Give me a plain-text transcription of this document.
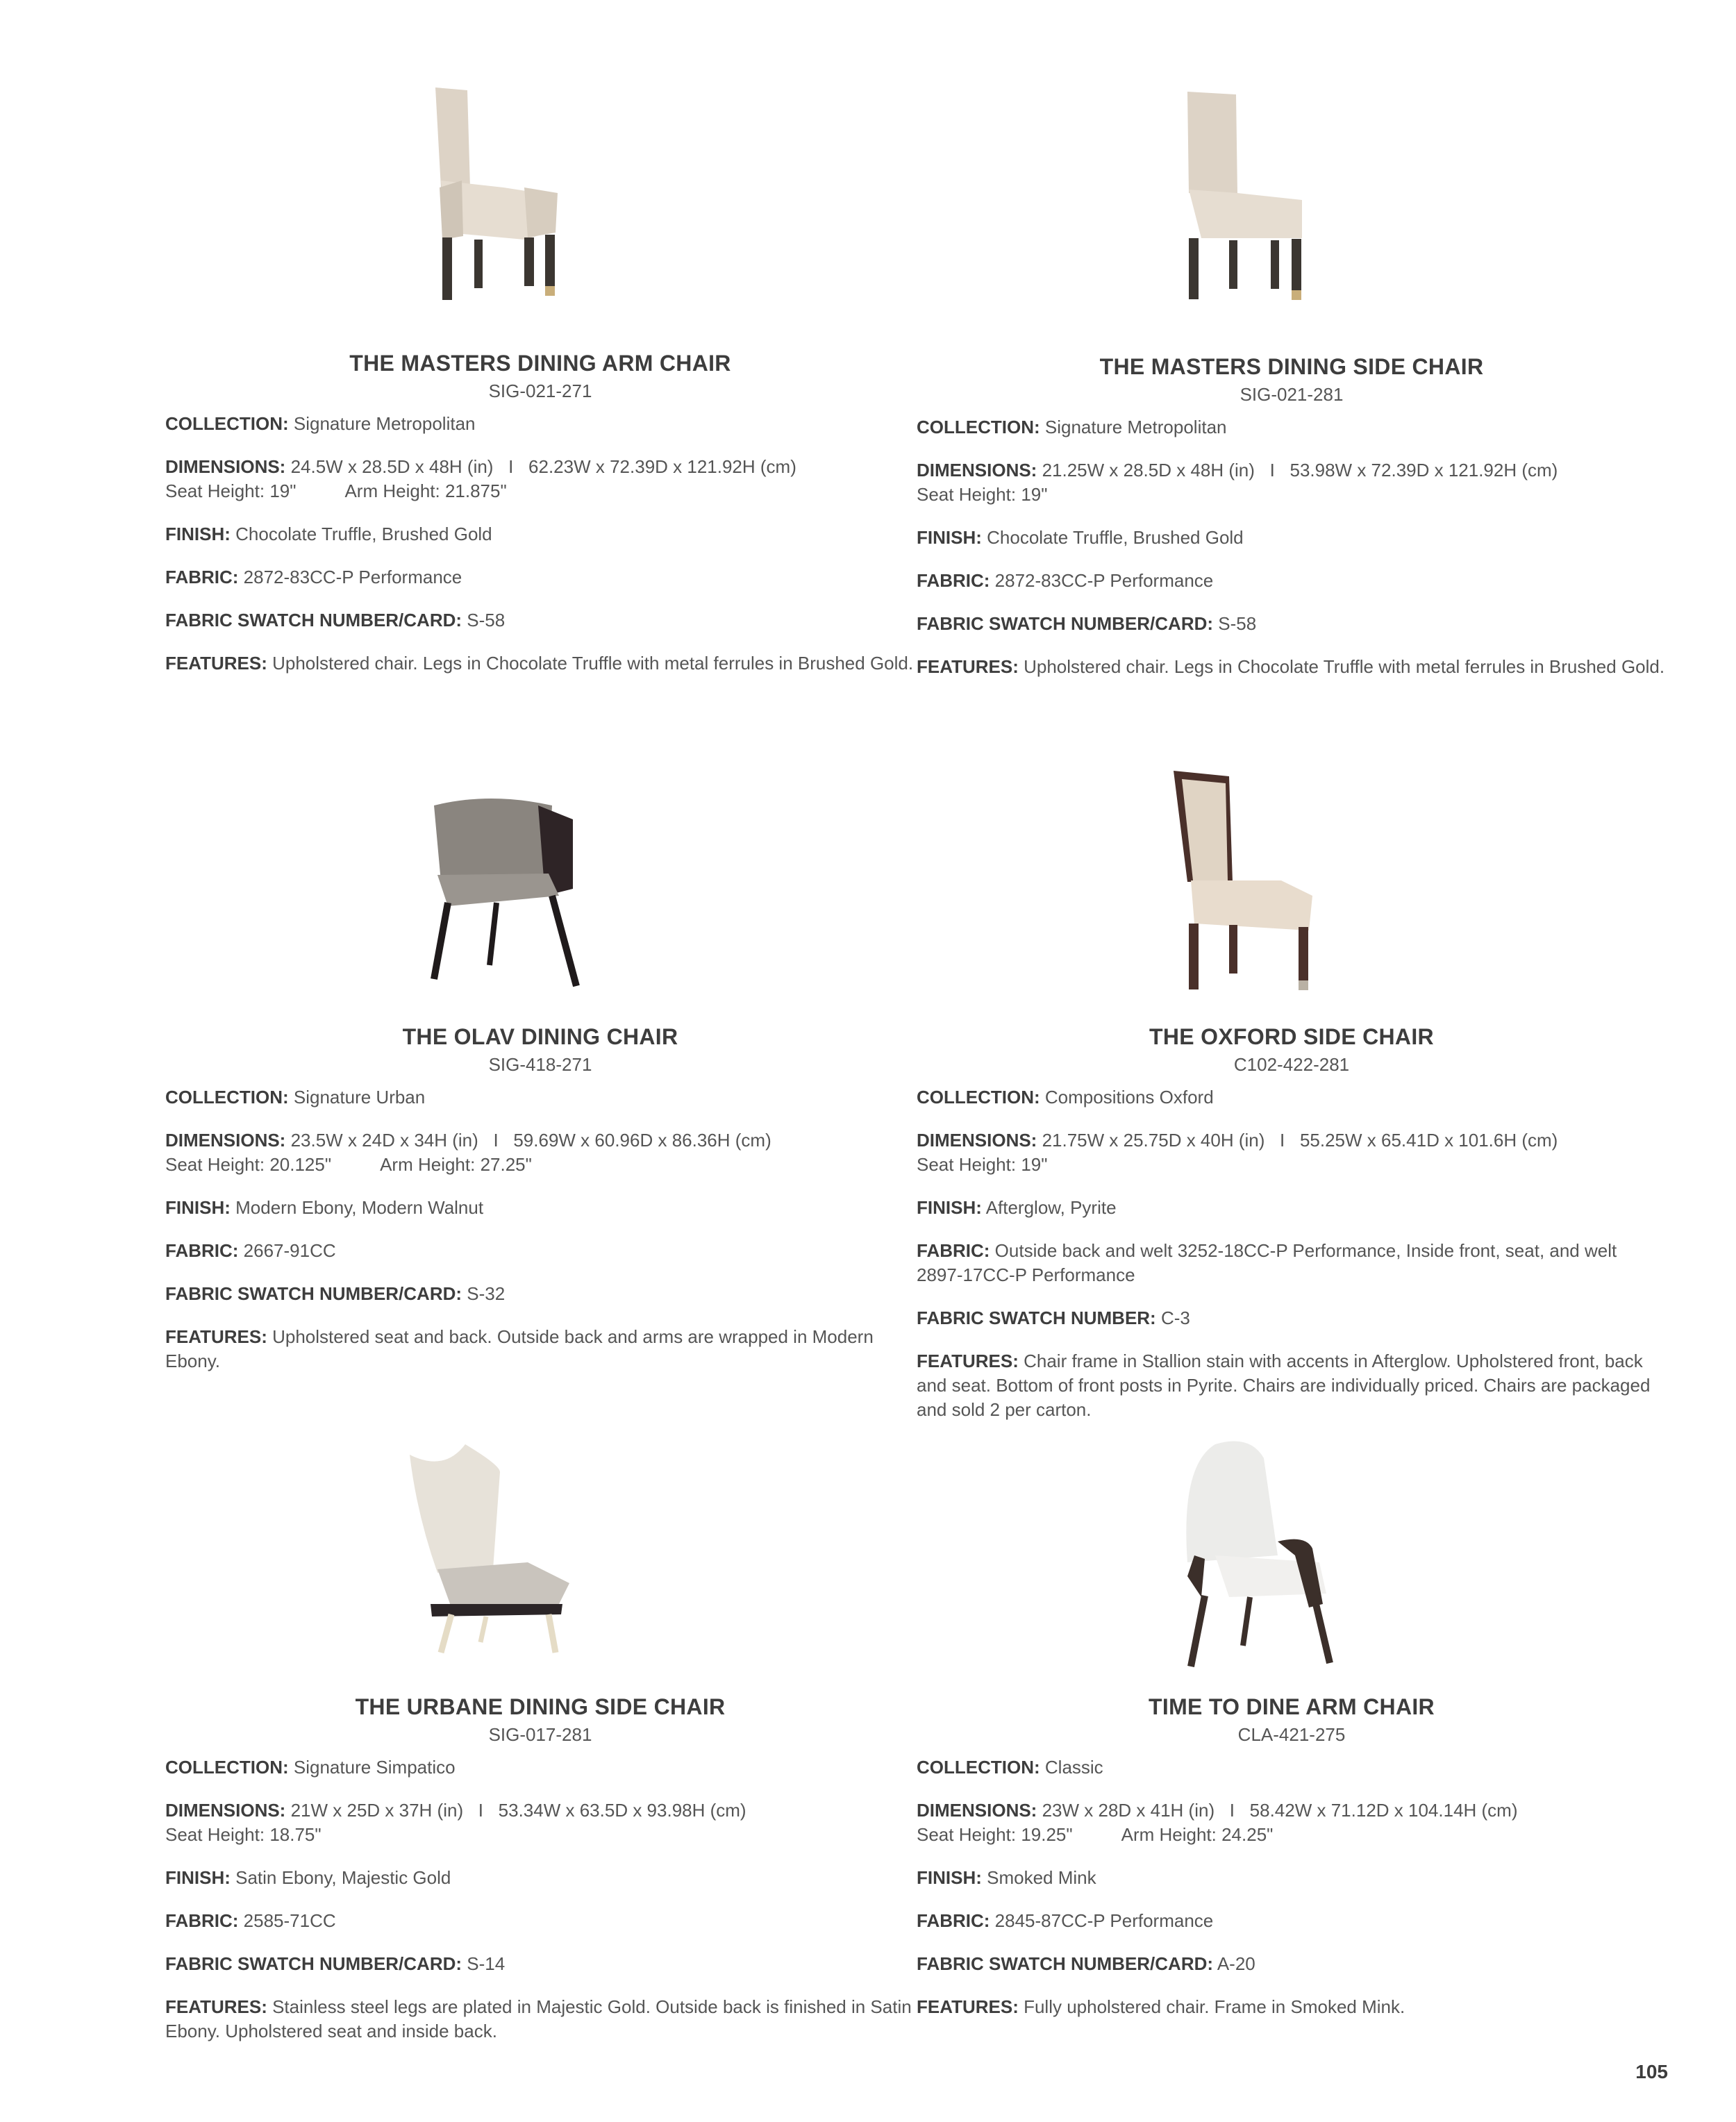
THE MASTERS DINING ARM CHAIR
SIG-021-271

COLLECTION: Signature Metropolitan

DIMENSIONS: 24.5W x 28.5D x 48H (in)   I   62.23W x 72.39D x 121.92H (cm)
Seat Height: 19"	Arm Height: 21.875"

FINISH: Chocolate Truffle, Brushed Gold

FABRIC: 2872-83CC-P Performance

FABRIC SWATCH NUMBER/CARD: S-58

FEATURES: Upholstered chair. Legs in Chocolate Truffle with metal ferrules in Brushed Gold.

THE MASTERS DINING SIDE CHAIR
SIG-021-281

COLLECTION: Signature Metropolitan

DIMENSIONS: 21.25W x 28.5D x 48H (in)   I   53.98W x 72.39D x 121.92H (cm)
Seat Height: 19"

FINISH: Chocolate Truffle, Brushed Gold

FABRIC: 2872-83CC-P Performance

FABRIC SWATCH NUMBER/CARD: S-58

FEATURES: Upholstered chair. Legs in Chocolate Truffle with metal ferrules in Brushed Gold.

THE OLAV DINING CHAIR
SIG-418-271

COLLECTION: Signature Urban

DIMENSIONS: 23.5W x 24D x 34H (in)   I   59.69W x 60.96D x 86.36H (cm)
Seat Height: 20.125"	Arm Height: 27.25"

FINISH: Modern Ebony, Modern Walnut

FABRIC: 2667-91CC

FABRIC SWATCH NUMBER/CARD: S-32

FEATURES: Upholstered seat and back. Outside back and arms are wrapped in Modern Ebony.

THE OXFORD SIDE CHAIR
C102-422-281

COLLECTION: Compositions Oxford

DIMENSIONS: 21.75W x 25.75D x 40H (in)   I   55.25W x 65.41D x 101.6H (cm)
Seat Height: 19"

FINISH: Afterglow, Pyrite

FABRIC: Outside back and welt 3252-18CC-P Performance, Inside front, seat, and welt 2897-17CC-P Performance

FABRIC SWATCH NUMBER: C-3

FEATURES: Chair frame in Stallion stain with accents in Afterglow. Upholstered front, back and seat. Bottom of front posts in Pyrite. Chairs are individually priced. Chairs are packaged and sold 2 per carton.

THE URBANE DINING SIDE CHAIR
SIG-017-281

COLLECTION: Signature Simpatico

DIMENSIONS: 21W x 25D x 37H (in)   I   53.34W x 63.5D x 93.98H (cm)
Seat Height: 18.75"

FINISH: Satin Ebony, Majestic Gold

FABRIC: 2585-71CC

FABRIC SWATCH NUMBER/CARD: S-14

FEATURES: Stainless steel legs are plated in Majestic Gold. Outside back is finished in Satin Ebony. Upholstered seat and inside back.

TIME TO DINE ARM CHAIR
CLA-421-275

COLLECTION: Classic

DIMENSIONS: 23W x 28D x 41H (in)   I   58.42W x 71.12D x 104.14H (cm)
Seat Height: 19.25"	Arm Height: 24.25"

FINISH: Smoked Mink

FABRIC: 2845-87CC-P Performance

FABRIC SWATCH NUMBER/CARD: A-20

FEATURES: Fully upholstered chair. Frame in Smoked Mink.

105
